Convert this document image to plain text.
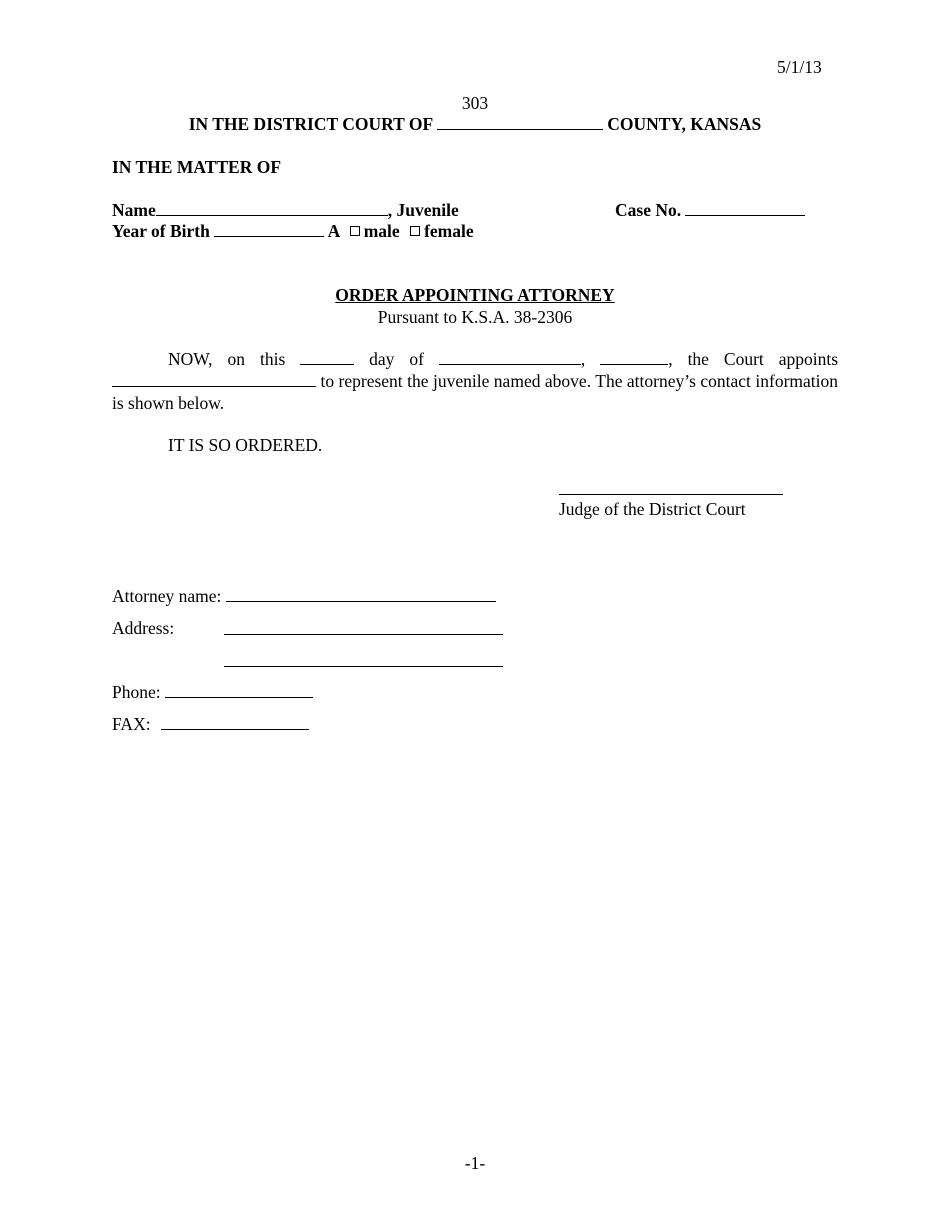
5/1/13
303
IN THE DISTRICT COURT OF	COUNTY, KANSAS
IN THE MATTER OF
Name	, Juvenile	Case No.
Year of Birth	A male female
ORDER APPOINTING ATTORNEY
Pursuant to K.S.A. 38-2306
NOW, on this	day of	,	, the Court appoints  to represent the juvenile named above. The attorney’s contact information is shown below.
IT IS SO ORDERED.
Judge of the District Court
Attorney name:
Address:
Phone:
FAX:
-1-
